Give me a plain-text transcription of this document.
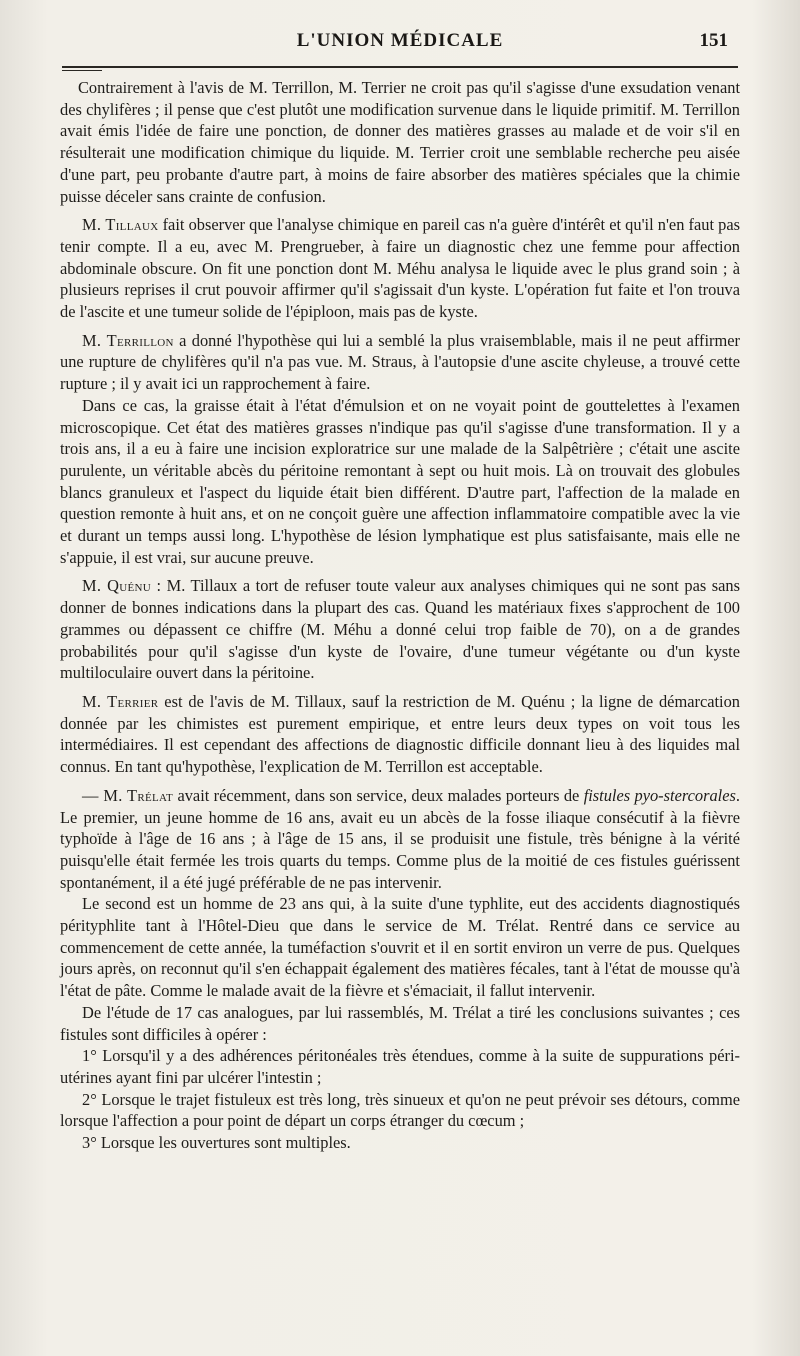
L'UNION MÉDICALE	151

Contrairement à l'avis de M. Terrillon, M. Terrier ne croit pas qu'il s'agisse d'une exsudation venant des chylifères ; il pense que c'est plutôt une modification survenue dans le liquide primitif. M. Terrillon avait émis l'idée de faire une ponction, de donner des matières grasses au malade et de voir s'il en résulterait une modification chimique du liquide. M. Terrier croit une semblable recherche peu aisée d'une part, peu probante d'autre part, à moins de faire absorber des matières spéciales que la chimie puisse déceler sans crainte de confusion.

M. Tillaux fait observer que l'analyse chimique en pareil cas n'a guère d'intérêt et qu'il n'en faut pas tenir compte. Il a eu, avec M. Prengrueber, à faire un diagnostic chez une femme pour affection abdominale obscure. On fit une ponction dont M. Méhu analysa le liquide avec le plus grand soin ; à plusieurs reprises il crut pouvoir affirmer qu'il s'agissait d'un kyste. L'opération fut faite et l'on trouva de l'ascite et une tumeur solide de l'épiploon, mais pas de kyste.

M. Terrillon a donné l'hypothèse qui lui a semblé la plus vraisemblable, mais il ne peut affirmer une rupture de chylifères qu'il n'a pas vue. M. Straus, à l'autopsie d'une ascite chyleuse, a trouvé cette rupture ; il y avait ici un rapprochement à faire.

Dans ce cas, la graisse était à l'état d'émulsion et on ne voyait point de gouttelettes à l'examen microscopique. Cet état des matières grasses n'indique pas qu'il s'agisse d'une transformation. Il y a trois ans, il a eu à faire une incision exploratrice sur une malade de la Salpêtrière ; c'était une ascite purulente, un véritable abcès du péritoine remontant à sept ou huit mois. Là on trouvait des globules blancs granuleux et l'aspect du liquide était bien différent. D'autre part, l'affection de la malade en question remonte à huit ans, et on ne conçoit guère une affection inflammatoire compatible avec la vie et durant un temps aussi long. L'hypothèse de lésion lymphatique est plus satisfaisante, mais elle ne s'appuie, il est vrai, sur aucune preuve.

M. Quénu : M. Tillaux a tort de refuser toute valeur aux analyses chimiques qui ne sont pas sans donner de bonnes indications dans la plupart des cas. Quand les matériaux fixes s'approchent de 100 grammes ou dépassent ce chiffre (M. Méhu a donné celui trop faible de 70), on a de grandes probabilités pour qu'il s'agisse d'un kyste de l'ovaire, d'une tumeur végétante ou d'un kyste multiloculaire ouvert dans la péritoine.

M. Terrier est de l'avis de M. Tillaux, sauf la restriction de M. Quénu ; la ligne de démarcation donnée par les chimistes est purement empirique, et entre leurs deux types on voit tous les intermédiaires. Il est cependant des affections de diagnostic difficile donnant lieu à des liquides mal connus. En tant qu'hypothèse, l'explication de M. Terrillon est acceptable.

— M. Trélat avait récemment, dans son service, deux malades porteurs de fistules pyo-stercorales. Le premier, un jeune homme de 16 ans, avait eu un abcès de la fosse iliaque consécutif à la fièvre typhoïde à l'âge de 16 ans ; à l'âge de 15 ans, il se produisit une fistule, très bénigne à la vérité puisqu'elle était fermée les trois quarts du temps. Comme plus de la moitié de ces fistules guérissent spontanément, il a été jugé préférable de ne pas intervenir.

Le second est un homme de 23 ans qui, à la suite d'une typhlite, eut des accidents diagnostiqués pérityphlite tant à l'Hôtel-Dieu que dans le service de M. Trélat. Rentré dans ce service au commencement de cette année, la tuméfaction s'ouvrit et il en sortit environ un verre de pus. Quelques jours après, on reconnut qu'il s'en échappait également des matières fécales, tant à l'état de mousse qu'à l'état de pâte. Comme le malade avait de la fièvre et s'émaciait, il fallut intervenir.

De l'étude de 17 cas analogues, par lui rassemblés, M. Trélat a tiré les conclusions suivantes ; ces fistules sont difficiles à opérer :

1° Lorsqu'il y a des adhérences péritonéales très étendues, comme à la suite de suppurations péri-utérines ayant fini par ulcérer l'intestin ;

2° Lorsque le trajet fistuleux est très long, très sinueux et qu'on ne peut prévoir ses détours, comme lorsque l'affection a pour point de départ un corps étranger du cœcum ;

3° Lorsque les ouvertures sont multiples.
